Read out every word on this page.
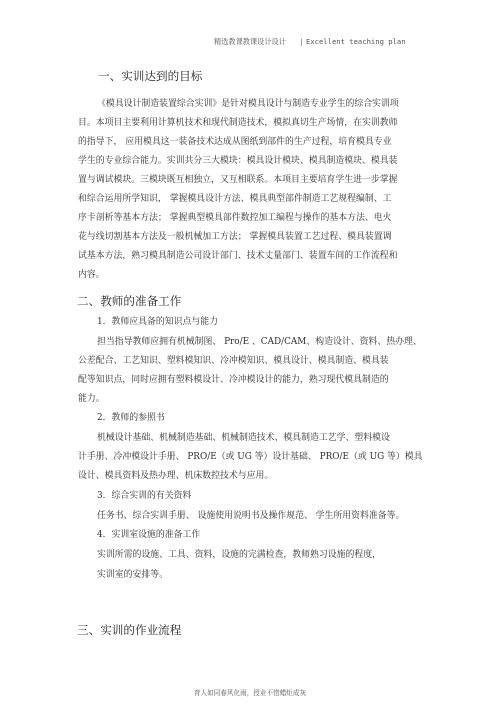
精选教课教课设计设计 | Excellent teaching plan
一、实训达到的目标
《模具设计制造装置综合实训》是针对模具设计与制造专业学生的综合实训项
目。本项目主要利用计算机技术和现代制造技术，模拟真切生产场情，在实训教师
的指导下， 应用模具这一装备技术达成从图纸到部件的生产过程，培育模具专业
学生的专业综合能力。实训共分三大模块：模具设计模块、模具制造模块、模具装
置与调试模块。三模块既互相独立，又互相联系。本项目主要培育学生进一步掌握
和综合运用所学知识， 掌握模具设计方法、模具典型部件制造工艺规程编制、工
序卡剖析等基本方法； 掌握典型模具部件数控加工编程与操作的基本方法、电火
花与线切割基本方法及一般机械加工方法； 掌握模具装置工艺过程、模具装置调
试基本方法，熟习模具制造公司设计部门、技术丈量部门、装置车间的工作流程和
内容。
二、教师的准备工作
1．教师应具备的知识点与能力
担当指导教师应拥有机械制图、 Pro/E 、CAD/CAM、构造设计、资料、热办理、
公差配合、工艺知识、塑料模知识、冷冲模知识、模具设计、模具制造、模具装
配等知识点，同时应拥有塑料模设计、冷冲模设计的能力，熟习现代模具制造的
能力。
2．教师的参照书
机械设计基础、机械制造基础、机械制造技术、模具制造工艺学、塑料模设
计手册、冷冲模设计手册、 PRO/E（或 UG 等）设计基础、 PRO/E（或 UG 等）模具
设计、模具资料及热办理、机床数控技术与应用。
3．综合实训的有关资料
任务书、综合实训手册、 设施使用说明书及操作规范、 学生所用资料准备等。
4．实训室设施的准备工作
实训所需的设施、工具、资料，设施的完满检查，教师熟习设施的程度，
实训室的安排等。
三、实训的作业流程
育人如同春风化雨，授业不惜蜡炬成灰
